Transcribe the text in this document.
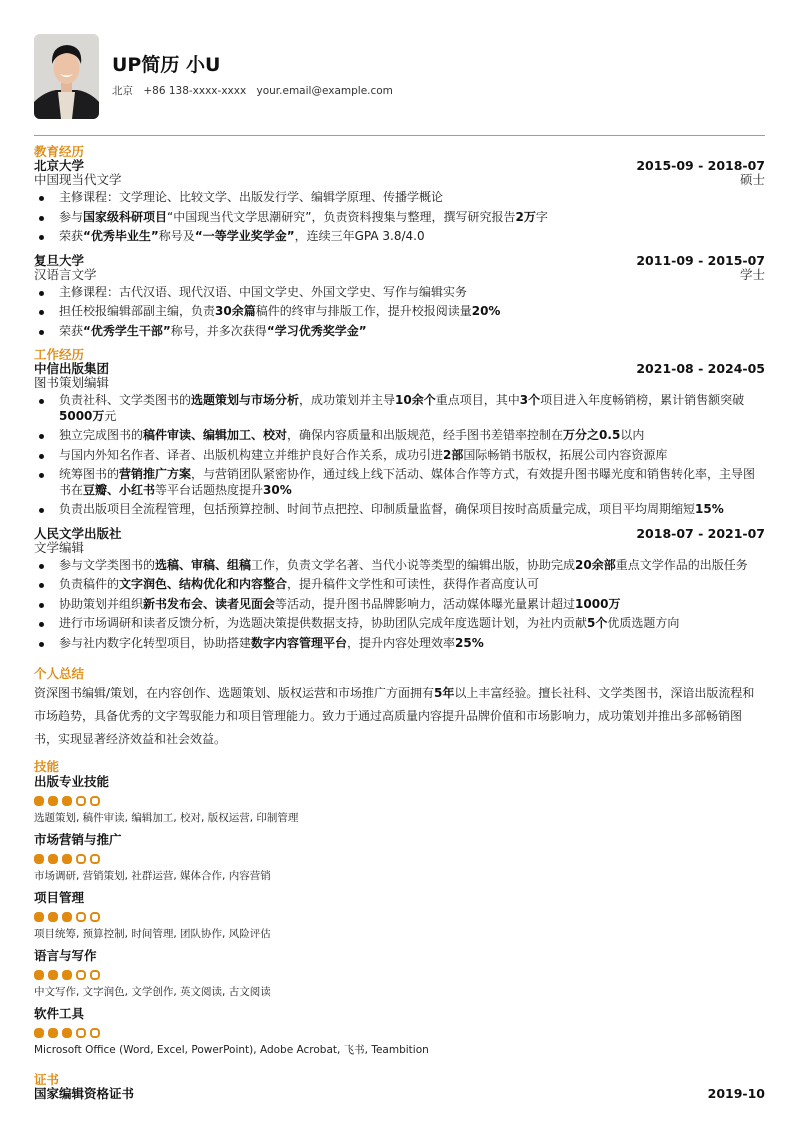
UP简历 小U
北京 +86 138-xxxx-xxxx your.email@example.com
教育经历
北京大学	2015-09 - 2018-07
中国现当代文学	硕士
主修课程：文学理论、比较文学、出版发行学、编辑学原理、传播学概论
参与国家级科研项目“中国现当代文学思潮研究”，负责资料搜集与整理，撰写研究报告2万字
荣获“优秀毕业生”称号及“一等学业奖学金”，连续三年GPA 3.8/4.0
复旦大学	2011-09 - 2015-07
汉语言文学	学士
主修课程：古代汉语、现代汉语、中国文学史、外国文学史、写作与编辑实务
担任校报编辑部副主编，负责30余篇稿件的终审与排版工作，提升校报阅读量20%
荣获“优秀学生干部”称号，并多次获得“学习优秀奖学金”
工作经历
中信出版集团	2021-08 - 2024-05
图书策划编辑
负责社科、文学类图书的选题策划与市场分析，成功策划并主导10余个重点项目，其中3个项目进入年度畅销榜，累计销售额突破5000万元
独立完成图书的稿件审读、编辑加工、校对，确保内容质量和出版规范，经手图书差错率控制在万分之0.5以内
与国内外知名作者、译者、出版机构建立并维护良好合作关系，成功引进2部国际畅销书版权，拓展公司内容资源库
统筹图书的营销推广方案，与营销团队紧密协作，通过线上线下活动、媒体合作等方式，有效提升图书曝光度和销售转化率，主导图书在豆瓣、小红书等平台话题热度提升30%
负责出版项目全流程管理，包括预算控制、时间节点把控、印制质量监督，确保项目按时高质量完成，项目平均周期缩短15%
人民文学出版社	2018-07 - 2021-07
文学编辑
参与文学类图书的选稿、审稿、组稿工作，负责文学名著、当代小说等类型的编辑出版，协助完成20余部重点文学作品的出版任务
负责稿件的文字润色、结构优化和内容整合，提升稿件文学性和可读性，获得作者高度认可
协助策划并组织新书发布会、读者见面会等活动，提升图书品牌影响力，活动媒体曝光量累计超过1000万
进行市场调研和读者反馈分析，为选题决策提供数据支持，协助团队完成年度选题计划，为社内贡献5个优质选题方向
参与社内数字化转型项目，协助搭建数字内容管理平台，提升内容处理效率25%
个人总结
资深图书编辑/策划，在内容创作、选题策划、版权运营和市场推广方面拥有5年以上丰富经验。擅长社科、文学类图书，深谙出版流程和市场趋势，具备优秀的文字驾驭能力和项目管理能力。致力于通过高质量内容提升品牌价值和市场影响力，成功策划并推出多部畅销图书，实现显著经济效益和社会效益。
技能
出版专业技能
选题策划, 稿件审读, 编辑加工, 校对, 版权运营, 印制管理
市场营销与推广
市场调研, 营销策划, 社群运营, 媒体合作, 内容营销
项目管理
项目统筹, 预算控制, 时间管理, 团队协作, 风险评估
语言与写作
中文写作, 文字润色, 文学创作, 英文阅读, 古文阅读
软件工具
Microsoft Office (Word, Excel, PowerPoint), Adobe Acrobat, 飞书, Teambition
证书
国家编辑资格证书	2019-10
